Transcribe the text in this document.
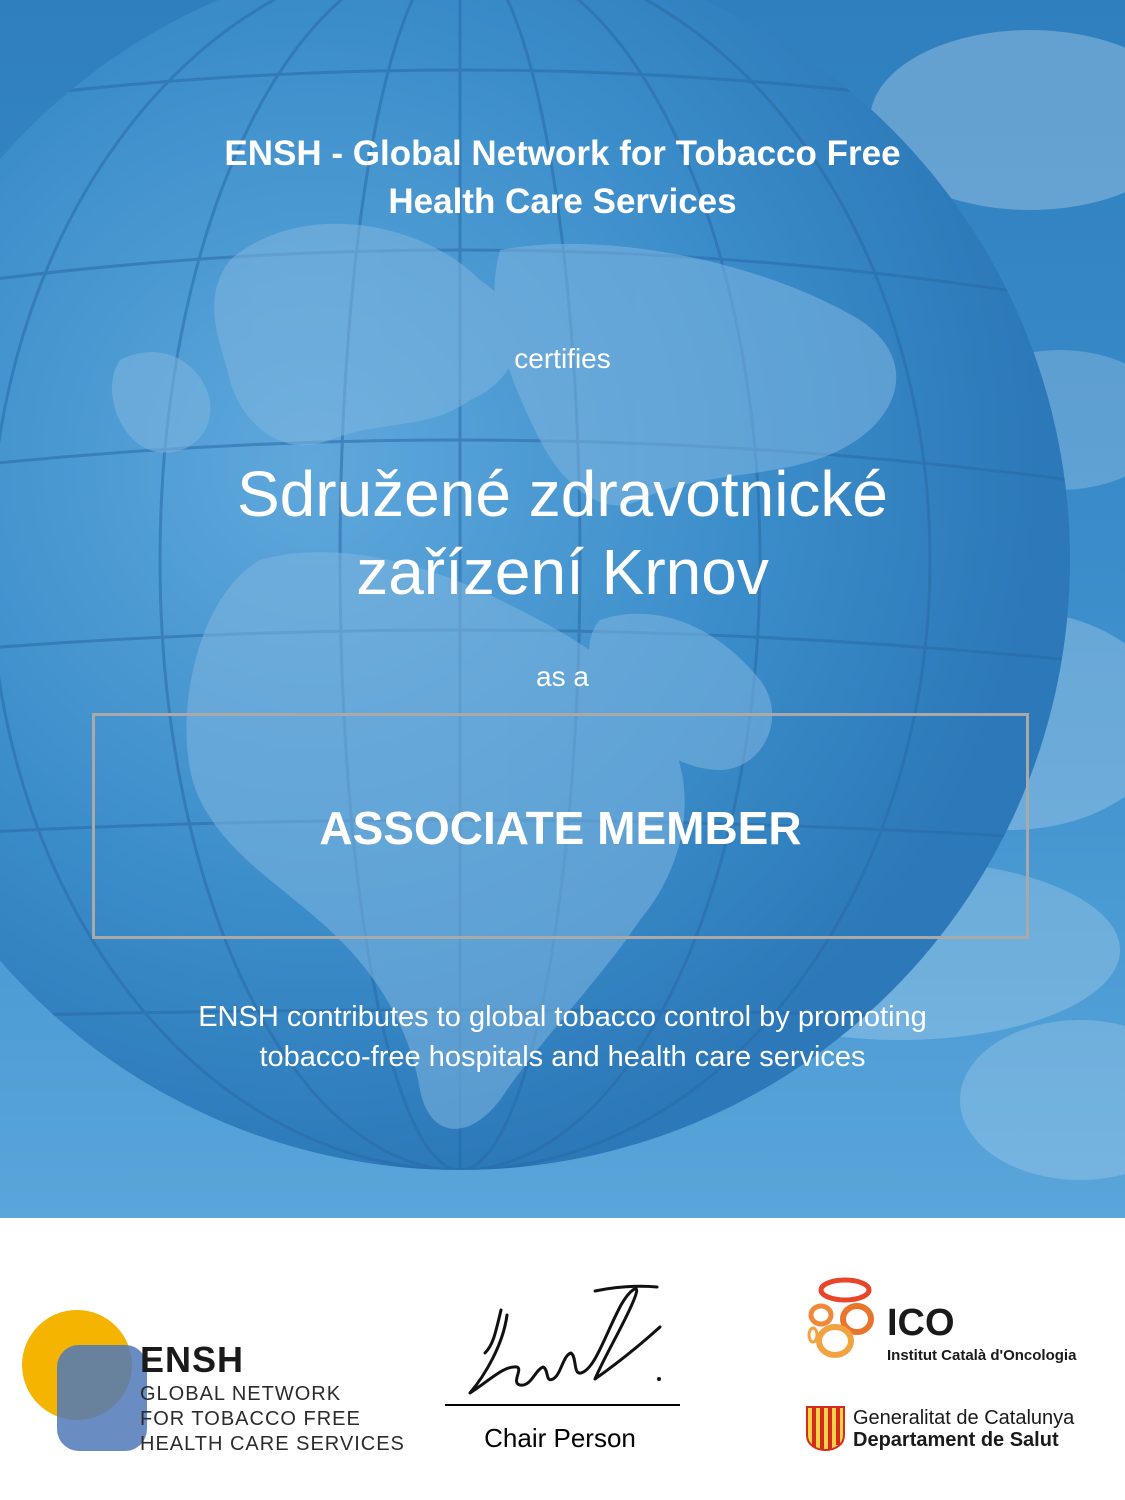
ENSH - Global Network for Tobacco Free
Health Care Services
certifies
Sdružené zdravotnické
zařízení Krnov
as a
ASSOCIATE MEMBER
ENSH contributes to global tobacco control by promoting
tobacco-free hospitals and health care services
ENSH
GLOBAL NETWORK
FOR TOBACCO FREE
HEALTH CARE SERVICES	Chair Person
ICO
Institut Català d'Oncologia
Generalitat de Catalunya
Departament de Salut
